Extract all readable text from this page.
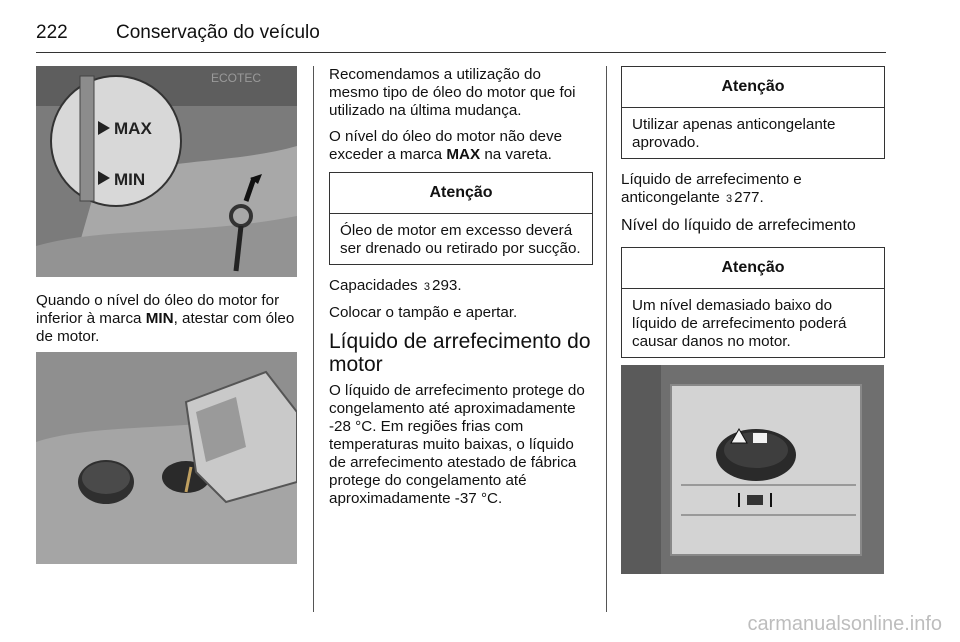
222	Conservação do veículo
ECOTEC
MAX
MIN

Quando o nível do óleo do motor for inferior à marca MIN, atestar com óleo de motor.

Recomendamos a utilização do mesmo tipo de óleo do motor que foi utilizado na última mudança.

O nível do óleo do motor não deve exceder a marca MAX na vareta.

Atenção
Óleo de motor em excesso deverá ser drenado ou retirado por sucção.

Capacidades 3 293.

Colocar o tampão e apertar.

Líquido de arrefecimento do motor

O líquido de arrefecimento protege do congelamento até aproximadamente -28 °C. Em regiões frias com temperaturas muito baixas, o líquido de arrefecimento atestado de fábrica protege do congelamento até aproximadamente -37 °C.

Atenção
Utilizar apenas anticongelante aprovado.

Líquido de arrefecimento e anticongelante 3 277.

Nível do líquido de arrefecimento
Atenção
Um nível demasiado baixo do líquido de arrefecimento poderá causar danos no motor.
carmanualsonline.info
